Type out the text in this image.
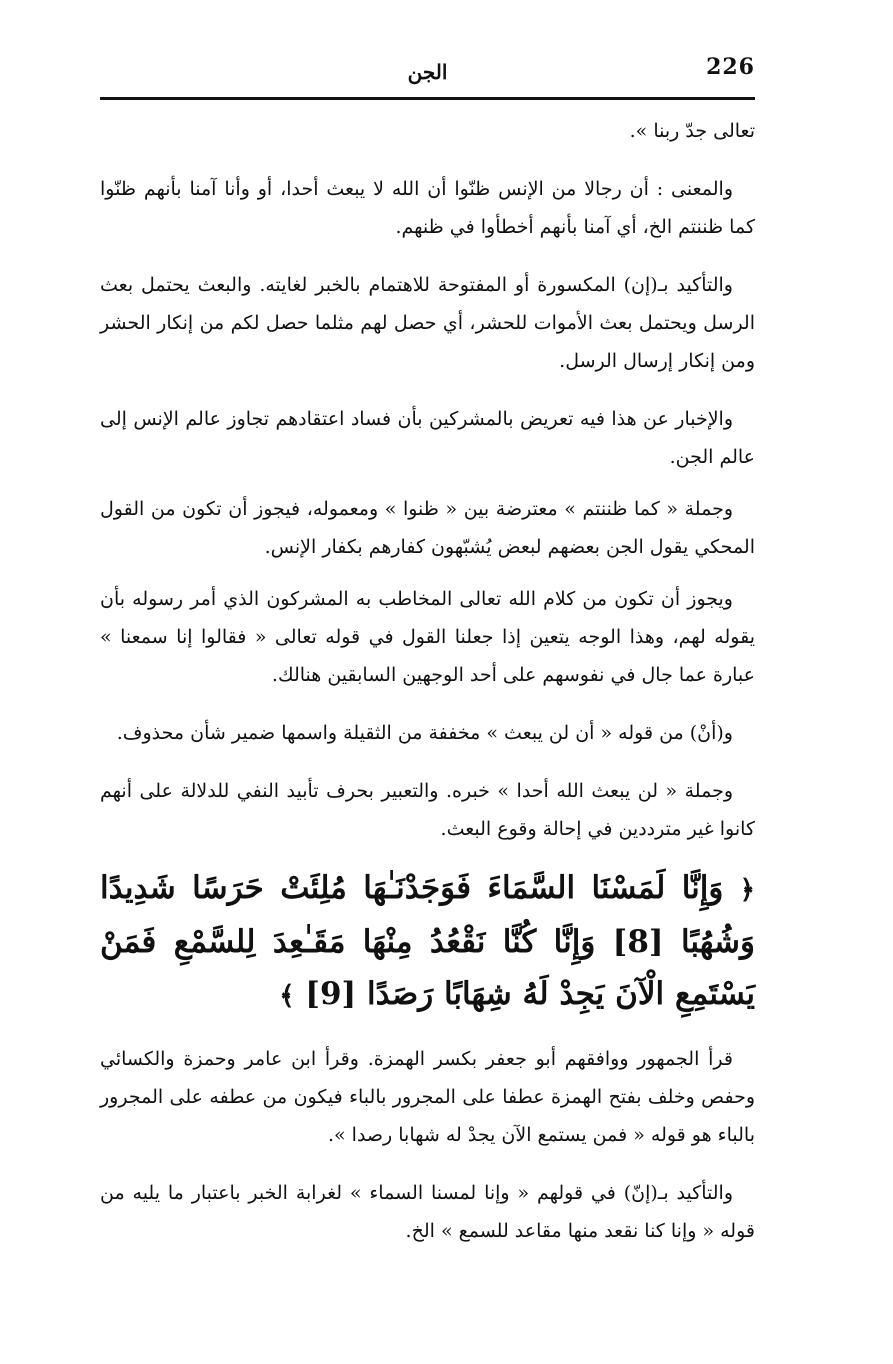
226
الجن

تعالى جدّ ربنا ».

والمعنى : أن رجالا من الإنس ظنّوا أن الله لا يبعث أحدا، أو وأنا آمنا بأنهم ظنّوا كما ظننتم الخ، أي آمنا بأنهم أخطأوا في ظنهم.

والتأكيد بـ(إن) المكسورة أو المفتوحة للاهتمام بالخبر لغايته. والبعث يحتمل بعث الرسل ويحتمل بعث الأموات للحشر، أي حصل لهم مثلما حصل لكم من إنكار الحشر ومن إنكار إرسال الرسل.

والإخبار عن هذا فيه تعريض بالمشركين بأن فساد اعتقادهم تجاوز عالم الإنس إلى عالم الجن.

وجملة « كما ظننتم » معترضة بين « ظنوا » ومعموله، فيجوز أن تكون من القول المحكي يقول الجن بعضهم لبعض يُشبّهون كفارهم بكفار الإنس.

ويجوز أن تكون من كلام الله تعالى المخاطب به المشركون الذي أمر رسوله بأن يقوله لهم، وهذا الوجه يتعين إذا جعلنا القول في قوله تعالى « فقالوا إنا سمعنا » عبارة عما جال في نفوسهم على أحد الوجهين السابقين هنالك.

و(أنْ) من قوله « أن لن يبعث » مخففة من الثقيلة واسمها ضمير شأن محذوف.

وجملة « لن يبعث الله أحدا » خبره. والتعبير بحرف تأبيد النفي للدلالة على أنهم كانوا غير مترددين في إحالة وقوع البعث.

﴿ وَإِنَّا لَمَسْنَا السَّمَاءَ فَوَجَدْنَـٰهَا مُلِئَتْ حَرَسًا شَدِيدًا وَشُهُبًا [8] وَإِنَّا كُنَّا نَقْعُدُ مِنْهَا مَقَـٰعِدَ لِلسَّمْعِ فَمَنْ يَسْتَمِعِ الْآنَ يَجِدْ لَهُ شِهَابًا رَصَدًا [9] ﴾

قرأ الجمهور ووافقهم أبو جعفر بكسر الهمزة. وقرأ ابن عامر وحمزة والكسائي وحفص وخلف بفتح الهمزة عطفا على المجرور بالباء فيكون من عطفه على المجرور بالباء هو قوله « فمن يستمع الآن يجدْ له شهابا رصدا ».

والتأكيد بـ(إنّ) في قولهم « وإنا لمسنا السماء » لغرابة الخبر باعتبار ما يليه من قوله « وإنا كنا نقعد منها مقاعد للسمع » الخ.
